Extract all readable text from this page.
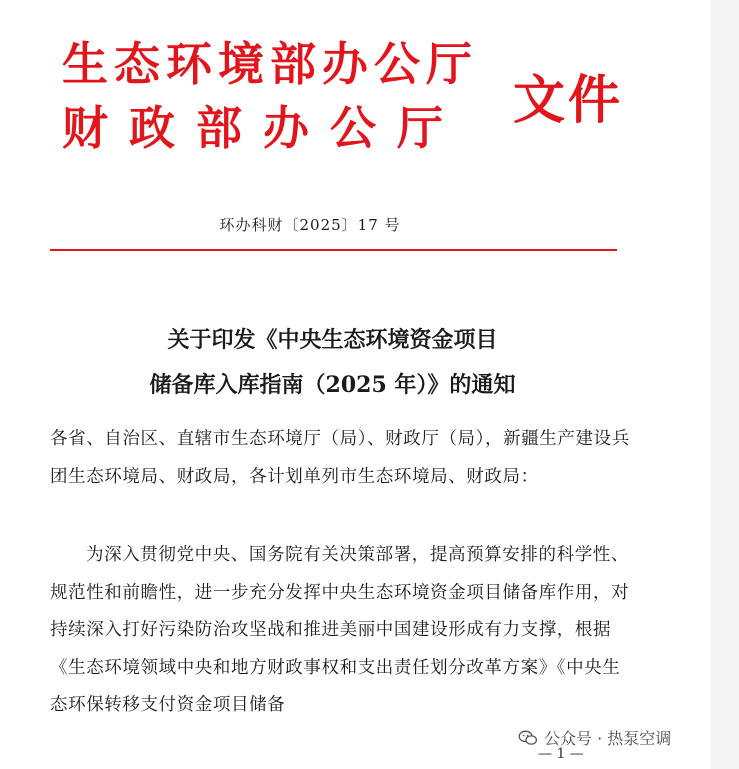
生态环境部办公厅
财政部办公厅 文件
环办科财〔2025〕17 号
关于印发《中央生态环境资金项目
储备库入库指南（2025 年）》的通知
各省、自治区、直辖市生态环境厅（局）、财政厅（局），新疆生产建设兵团生态环境局、财政局，各计划单列市生态环境局、财政局：
为深入贯彻党中央、国务院有关决策部署，提高预算安排的科学性、规范性和前瞻性，进一步充分发挥中央生态环境资金项目储备库作用，对持续深入打好污染防治攻坚战和推进美丽中国建设形成有力支撑，根据《生态环境领域中央和地方财政事权和支出责任划分改革方案》《中央生态环保转移支付资金项目储备
公众号 · 热泵空调
— 1 —
